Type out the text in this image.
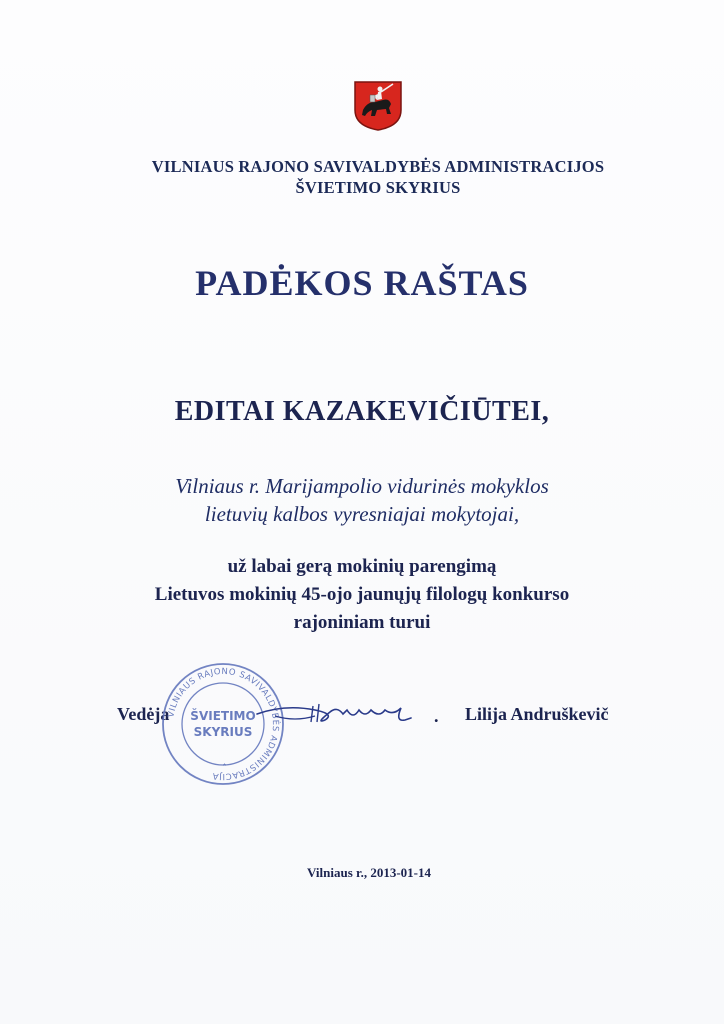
VILNIAUS RAJONO SAVIVALDYBĖS ADMINISTRACIJOS
ŠVIETIMO SKYRIUS
PADĖKOS RAŠTAS
EDITAI KAZAKEVIČIŪTEI,
Vilniaus r. Marijampolio vidurinės mokyklos
lietuvių kalbos vyresniajai mokytojai,
už labai gerą mokinių parengimą
Lietuvos mokinių 45-ojo jaunųjų filologų konkurso
rajoniniam turui
Vedėja
VILNIAUS RAJONO SAVIVALDYBĖS ADMINISTRACIJA
ŠVIETIMO
SKYRIUS
. Lilija Andruškevič
Vilniaus r., 2013-01-14
